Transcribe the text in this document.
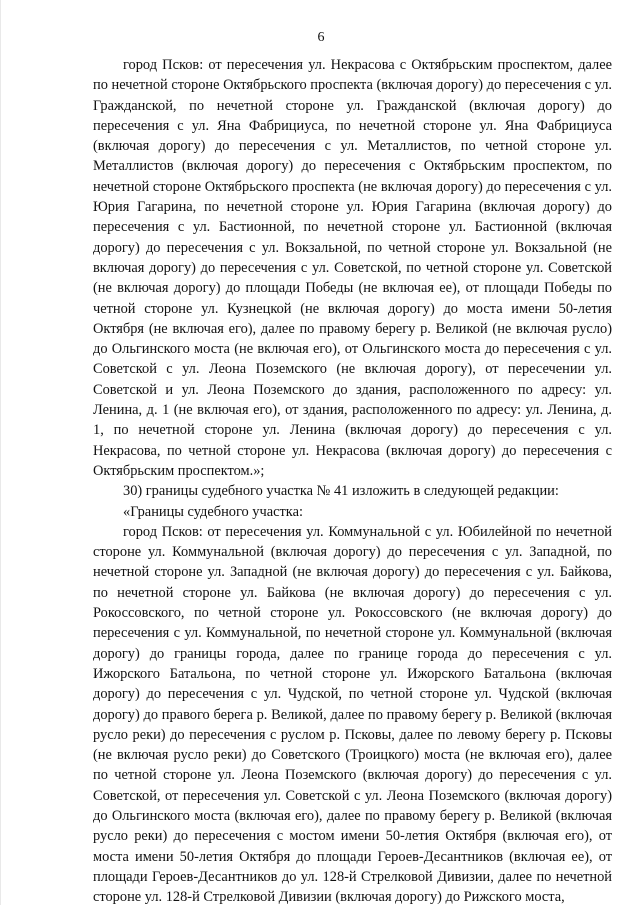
6

город Псков: от пересечения ул. Некрасова с Октябрьским проспектом, далее по нечетной стороне Октябрьского проспекта (включая дорогу) до пересечения с ул. Гражданской, по нечетной стороне ул. Гражданской (включая дорогу) до пересечения с ул. Яна Фабрициуса, по нечетной стороне ул. Яна Фабрициуса (включая дорогу) до пересечения с ул. Металлистов, по четной стороне ул. Металлистов (включая дорогу) до пересечения с Октябрьским проспектом, по нечетной стороне Октябрьского проспекта (не включая дорогу) до пересечения с ул. Юрия Гагарина, по нечетной стороне ул. Юрия Гагарина (включая дорогу) до пересечения с ул. Бастионной, по нечетной стороне ул. Бастионной (включая дорогу) до пересечения с ул. Вокзальной, по четной стороне ул. Вокзальной (не включая дорогу) до пересечения с ул. Советской, по четной стороне ул. Советской (не включая дорогу) до площади Победы (не включая ее), от площади Победы по четной стороне ул. Кузнецкой (не включая дорогу) до моста имени 50-летия Октября (не включая его), далее по правому берегу р. Великой (не включая русло) до Ольгинского моста (не включая его), от Ольгинского моста до пересечения с ул. Советской с ул. Леона Поземского (не включая дорогу), от пересечении ул. Советской и ул. Леона Поземского до здания, расположенного по адресу: ул. Ленина, д. 1 (не включая его), от здания, расположенного по адресу: ул. Ленина, д. 1, по нечетной стороне ул. Ленина (включая дорогу) до пересечения с ул. Некрасова, по четной стороне ул. Некрасова (включая дорогу) до пересечения с Октябрьским проспектом.»;

30) границы судебного участка № 41 изложить в следующей редакции:

«Границы судебного участка:

город Псков: от пересечения ул. Коммунальной с ул. Юбилейной по нечетной стороне ул. Коммунальной (включая дорогу) до пересечения с ул. Западной, по нечетной стороне ул. Западной (не включая дорогу) до пересечения с ул. Байкова, по нечетной стороне ул. Байкова (не включая дорогу) до пересечения с ул. Рокоссовского, по четной стороне ул. Рокоссовского (не включая дорогу) до пересечения с ул. Коммунальной, по нечетной стороне ул. Коммунальной (включая дорогу) до границы города, далее по границе города до пересечения с ул. Ижорского Батальона, по четной стороне ул. Ижорского Батальона (включая дорогу) до пересечения с ул. Чудской, по четной стороне ул. Чудской (включая дорогу) до правого берега р. Великой, далее по правому берегу р. Великой (включая русло реки) до пересечения с руслом р. Псковы, далее по левому берегу р. Псковы (не включая русло реки) до Советского (Троицкого) моста (не включая его), далее по четной стороне ул. Леона Поземского (включая дорогу) до пересечения с ул. Советской, от пересечения ул. Советской с ул. Леона Поземского (включая дорогу) до Ольгинского моста (включая его), далее по правому берегу р. Великой (включая русло реки) до пересечения с мостом имени 50-летия Октября (включая его), от моста имени 50-летия Октября до площади Героев-Десантников (включая ее), от площади Героев-Десантников до ул. 128-й Стрелковой Дивизии, далее по нечетной стороне ул. 128-й Стрелковой Дивизии (включая дорогу) до Рижского моста,
